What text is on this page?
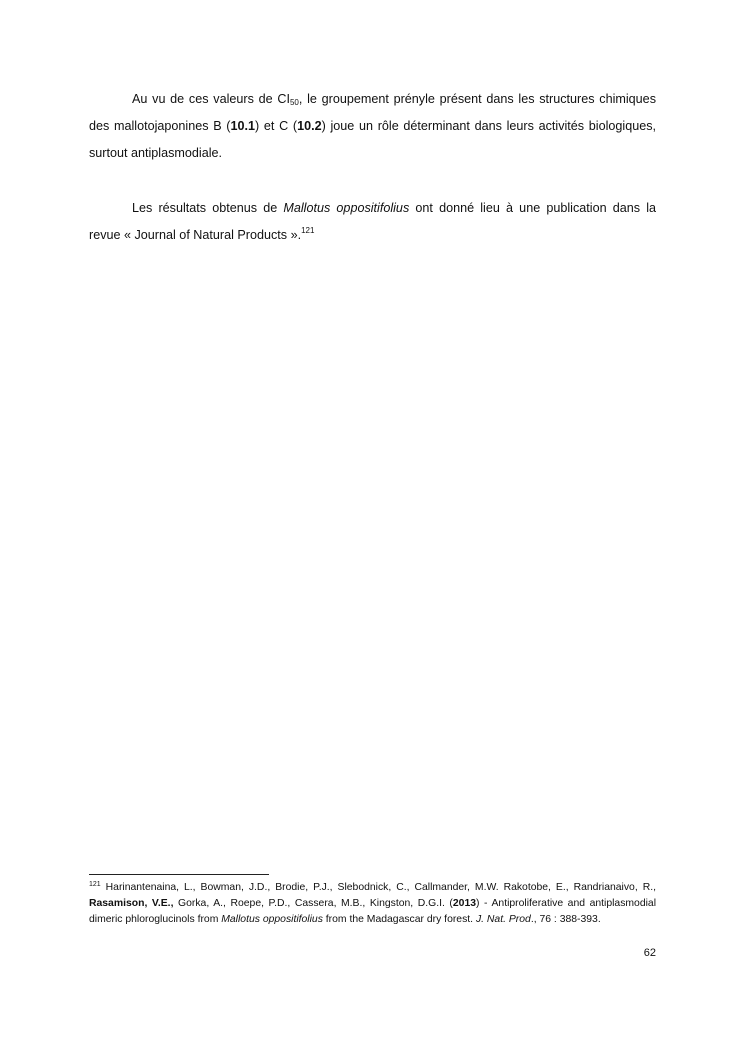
Au vu de ces valeurs de $CI_{50}$, le groupement prényle présent dans les structures chimiques des mallotojaponines B (10.1) et C (10.2) joue un rôle déterminant dans leurs activités biologiques, surtout antiplasmodiale.

Les résultats obtenus de Mallotus oppositifolius ont donné lieu à une publication dans la revue « Journal of Natural Products ».$^{121}$

$^{121}$ Harinantenaina, L., Bowman, J.D., Brodie, P.J., Slebodnick, C., Callmander, M.W. Rakotobe, E., Randrianaivo, R., Rasamison, V.E., Gorka, A., Roepe, P.D., Cassera, M.B., Kingston, D.G.I. (2013) - Antiproliferative and antiplasmodial dimeric phloroglucinols from Mallotus oppositifolius from the Madagascar dry forest. J. Nat. Prod., 76 : 388-393.

62
